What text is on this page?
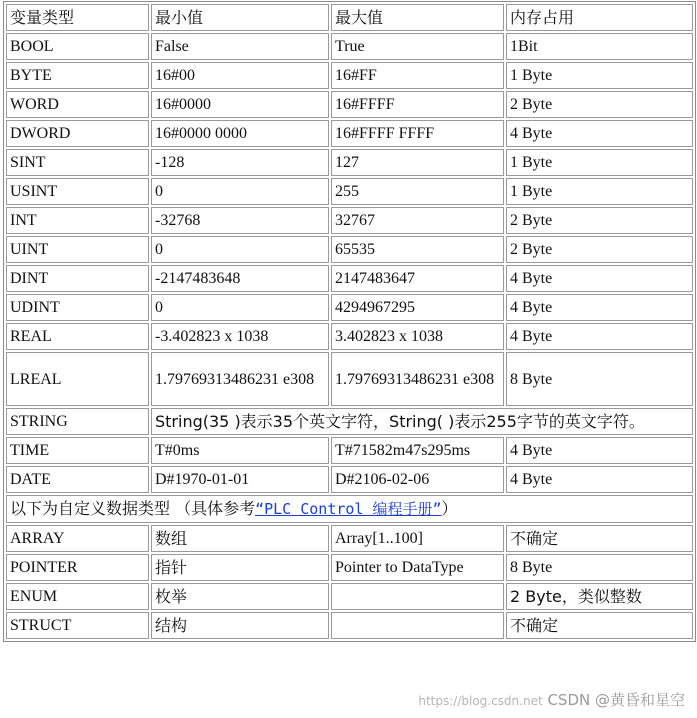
变量类型	最小值	最大值	内存占用
BOOL	False	True	1Bit
BYTE	16#00	16#FF	1 Byte
WORD	16#0000	16#FFFF	2 Byte
DWORD	16#0000 0000	16#FFFF FFFF	4 Byte
SINT	-128	127	1 Byte
USINT	0	255	1 Byte
INT	-32768	32767	2 Byte
UINT	0	65535	2 Byte
DINT	-2147483648	2147483647	4 Byte
UDINT	0	4294967295	4 Byte
REAL	-3.402823 x 1038	3.402823 x 1038	4 Byte
LREAL	1.79769313486231 e308	1.79769313486231 e308	8 Byte
STRING	String(35 )表示35个英文字符，String( )表示255字节的英文字符。		
TIME	T#0ms	T#71582m47s295ms	4 Byte
DATE	D#1970-01-01	D#2106-02-06	4 Byte
以下为自定义数据类型 （具体参考“PLC Control 编程手册”）			
ARRAY	数组	Array[1..100]	不确定
POINTER	指针	Pointer to DataType	8 Byte
ENUM	枚举		2 Byte，类似整数
STRUCT	结构		不确定
https://blog.csdn.net CSDN @黄昏和星空
